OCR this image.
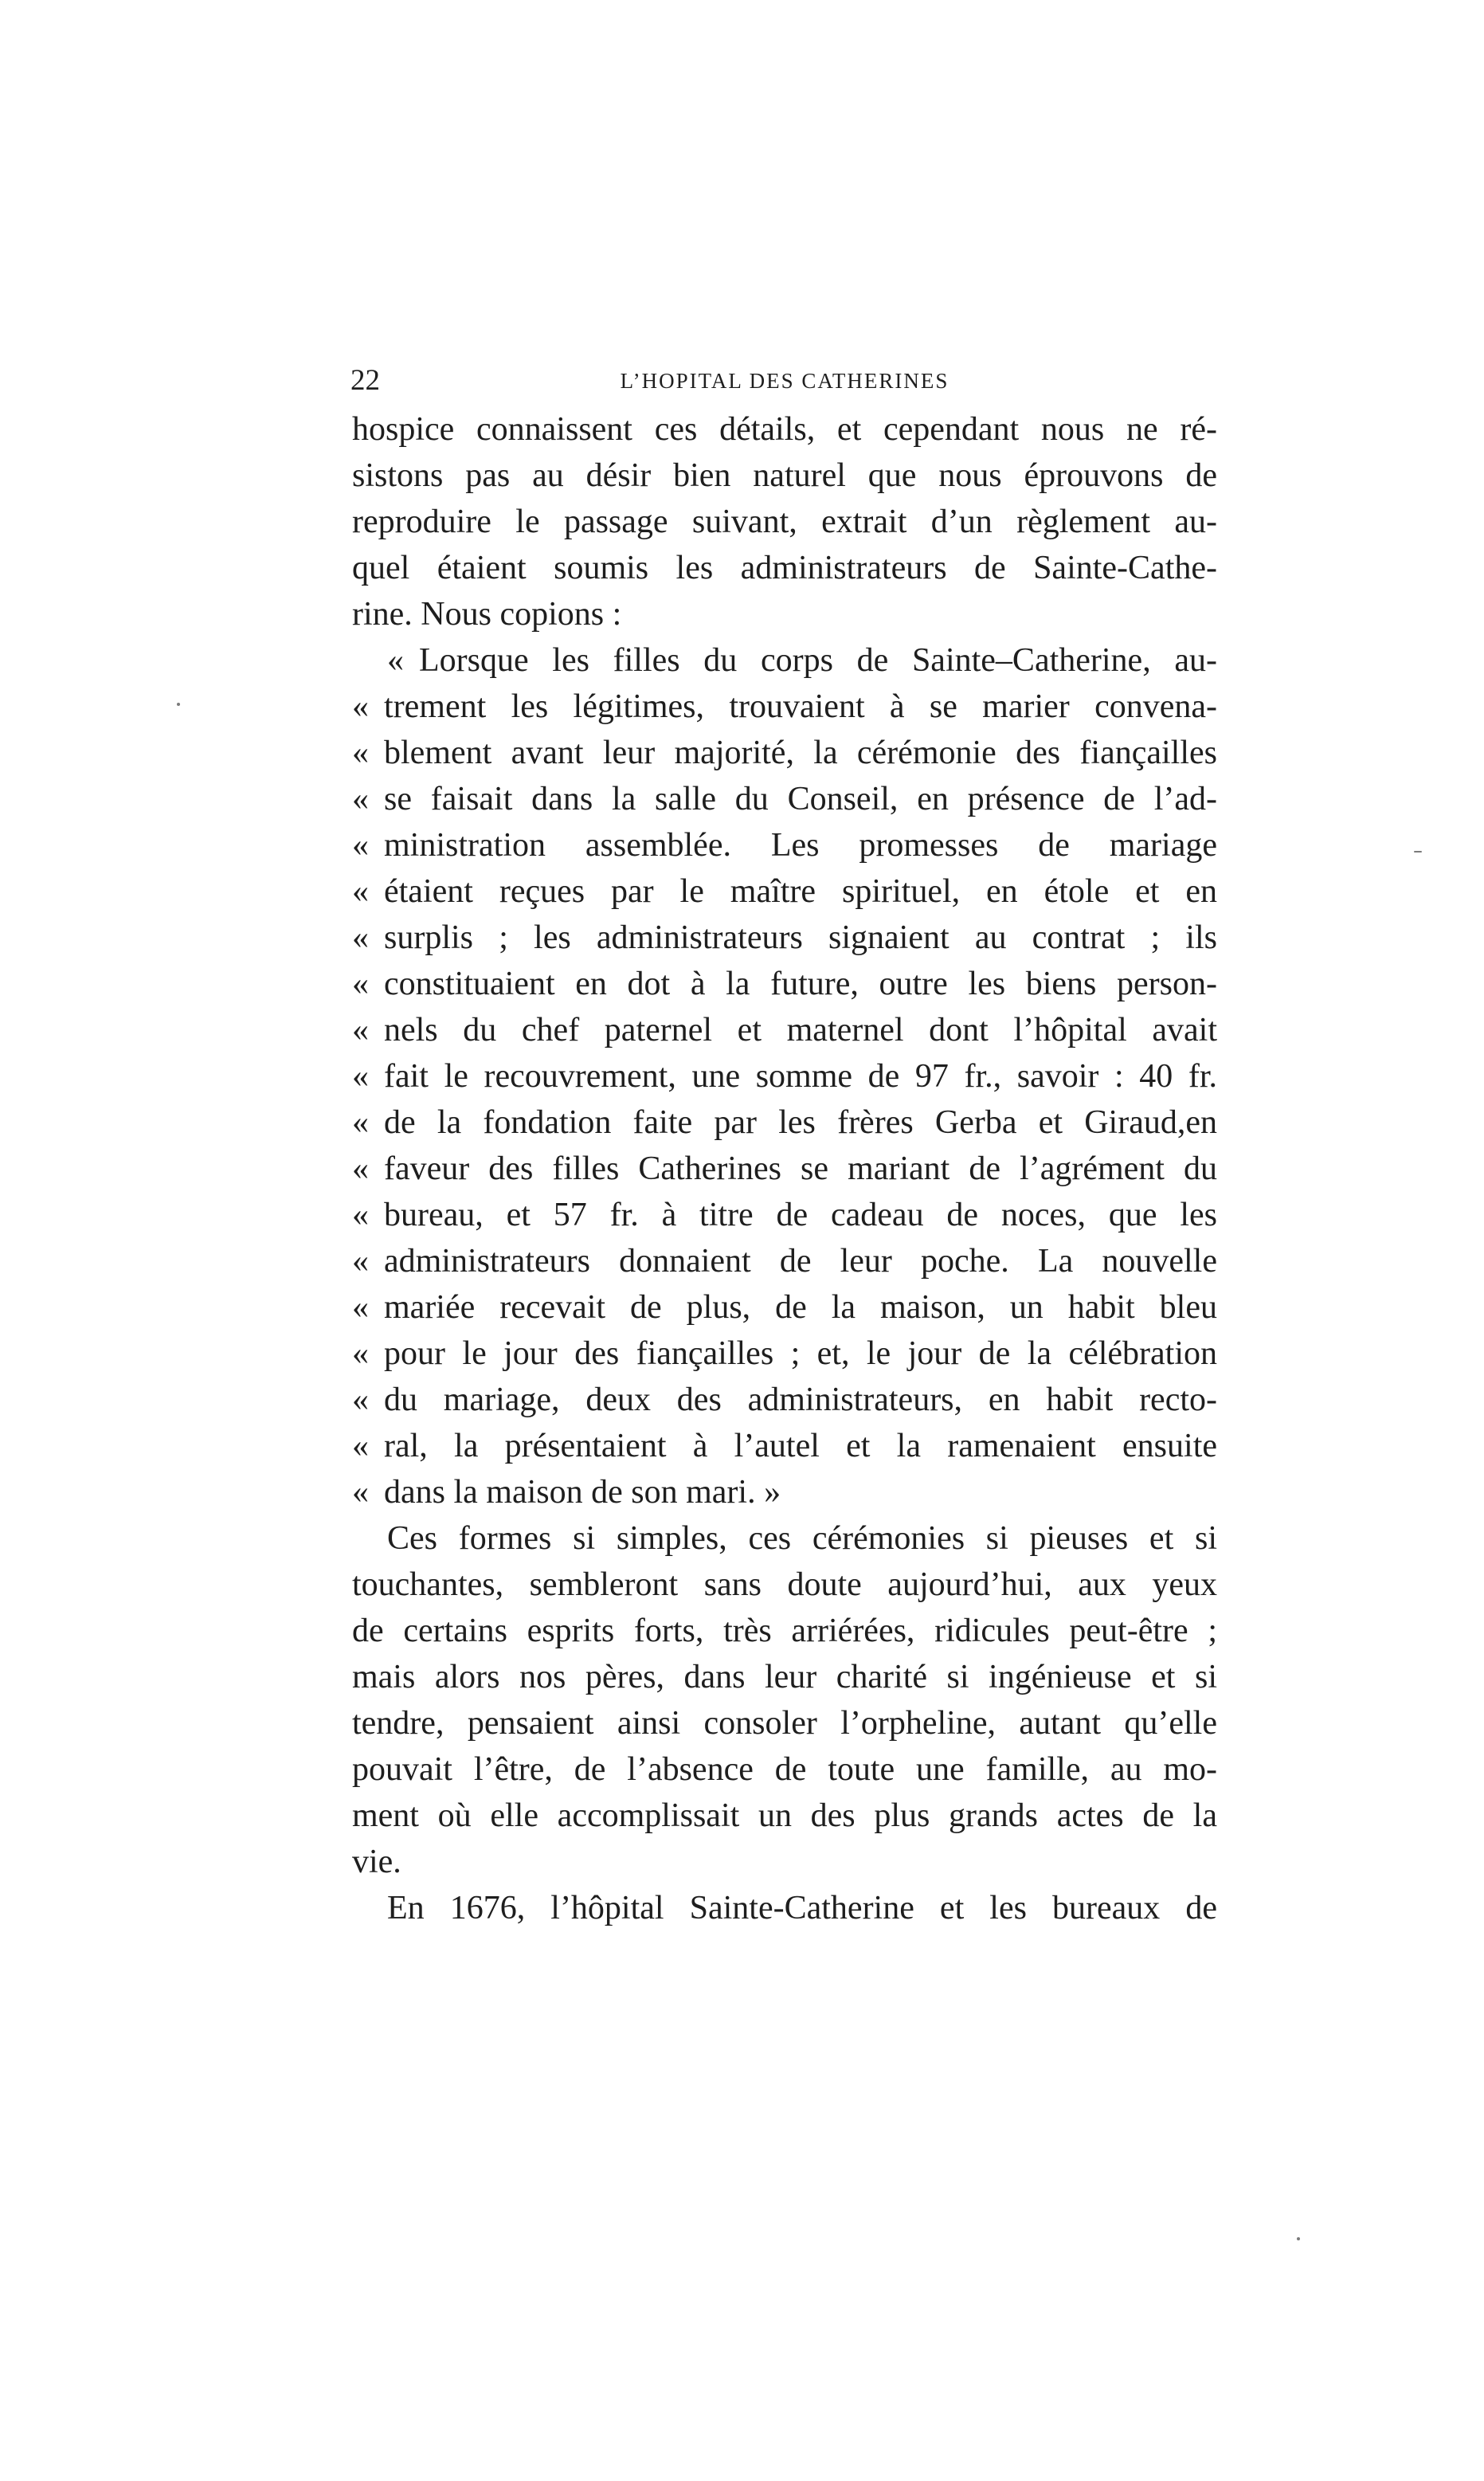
22	L’HOPITAL DES CATHERINES
hospice connaissent ces détails, et cependant nous ne ré-
sistons pas au désir bien naturel que nous éprouvons de
reproduire le passage suivant, extrait d’un règlement au-
quel étaient soumis les administrateurs de Sainte-Cathe-
rine. Nous copions :
« Lorsque les filles du corps de Sainte–Catherine, au-
« trement les légitimes, trouvaient à se marier convena-
« blement avant leur majorité, la cérémonie des fiançailles
« se faisait dans la salle du Conseil, en présence de l’ad-
« ministration assemblée. Les promesses de mariage
« étaient reçues par le maître spirituel, en étole et en
« surplis ; les administrateurs signaient au contrat ; ils
« constituaient en dot à la future, outre les biens person-
« nels du chef paternel et maternel dont l’hôpital avait
« fait le recouvrement, une somme de 97 fr., savoir : 40 fr.
« de la fondation faite par les frères Gerba et Giraud,en
« faveur des filles Catherines se mariant de l’agrément du
« bureau, et 57 fr. à titre de cadeau de noces, que les
« administrateurs donnaient de leur poche. La nouvelle
« mariée recevait de plus, de la maison, un habit bleu
« pour le jour des fiançailles ; et, le jour de la célébration
« du mariage, deux des administrateurs, en habit recto-
« ral, la présentaient à l’autel et la ramenaient ensuite
« dans la maison de son mari. »
Ces formes si simples, ces cérémonies si pieuses et si
touchantes, sembleront sans doute aujourd’hui, aux yeux
de certains esprits forts, très arriérées, ridicules peut-être ;
mais alors nos pères, dans leur charité si ingénieuse et si
tendre, pensaient ainsi consoler l’orpheline, autant qu’elle
pouvait l’être, de l’absence de toute une famille, au mo-
ment où elle accomplissait un des plus grands actes de la
vie.
En 1676, l’hôpital Sainte-Catherine et les bureaux de
